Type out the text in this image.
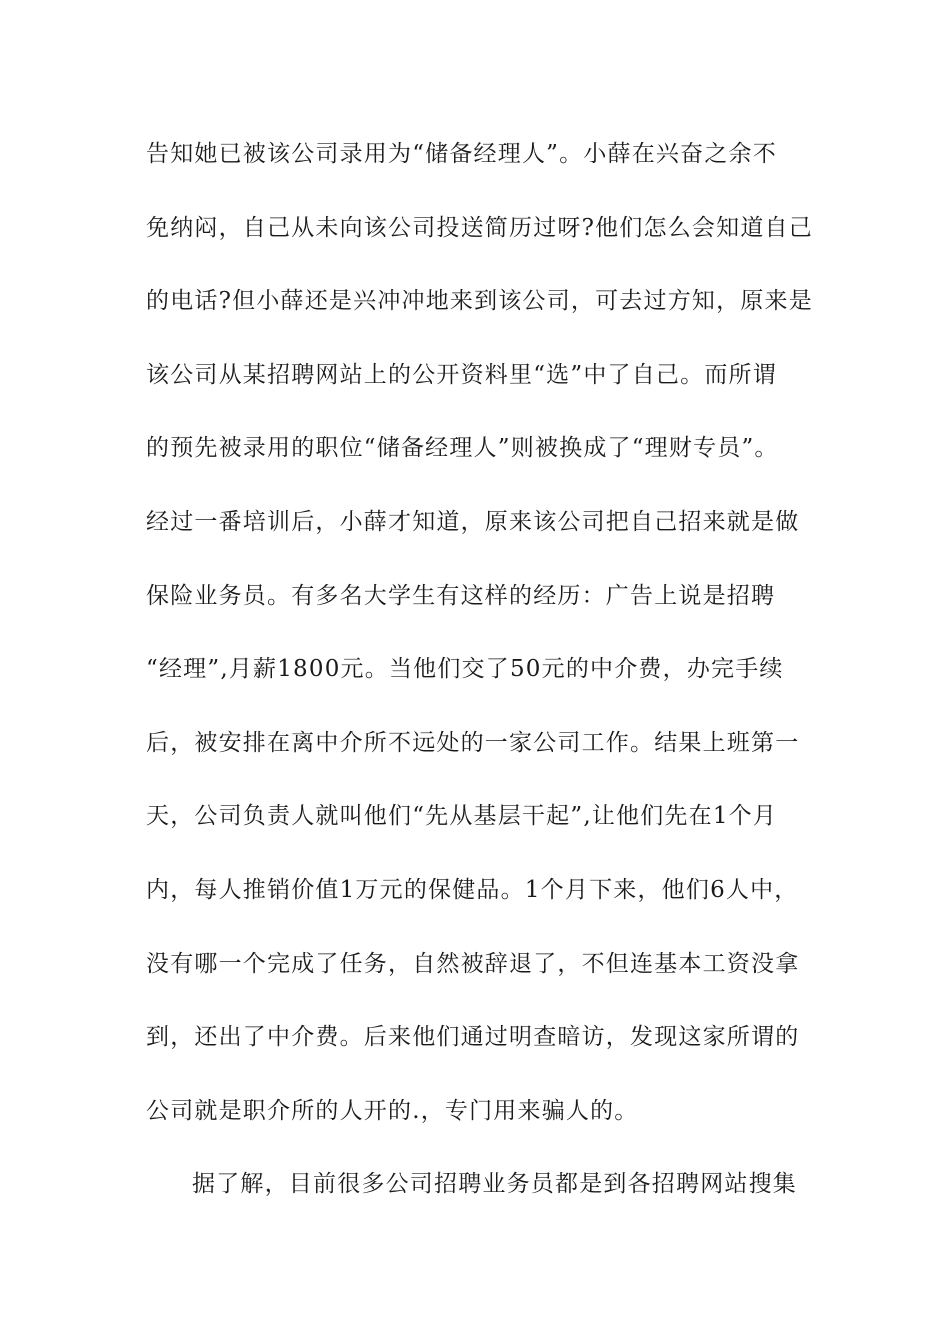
告知她已被该公司录用为“储备经理人”。小薛在兴奋之余不
免纳闷，自己从未向该公司投送简历过呀?他们怎么会知道自己
的电话?但小薛还是兴冲冲地来到该公司，可去过方知，原来是
该公司从某招聘网站上的公开资料里“选”中了自己。而所谓
的预先被录用的职位“储备经理人”则被换成了“理财专员”。
经过一番培训后，小薛才知道，原来该公司把自己招来就是做
保险业务员。有多名大学生有这样的经历：广告上说是招聘
“经理”,月薪1800元。当他们交了50元的中介费，办完手续
后，被安排在离中介所不远处的一家公司工作。结果上班第一
天，公司负责人就叫他们“先从基层干起”,让他们先在1个月
内，每人推销价值1万元的保健品。1个月下来，他们6人中，
没有哪一个完成了任务，自然被辞退了，不但连基本工资没拿
到，还出了中介费。后来他们通过明查暗访，发现这家所谓的
公司就是职介所的人开的.，专门用来骗人的。
据了解，目前很多公司招聘业务员都是到各招聘网站搜集
